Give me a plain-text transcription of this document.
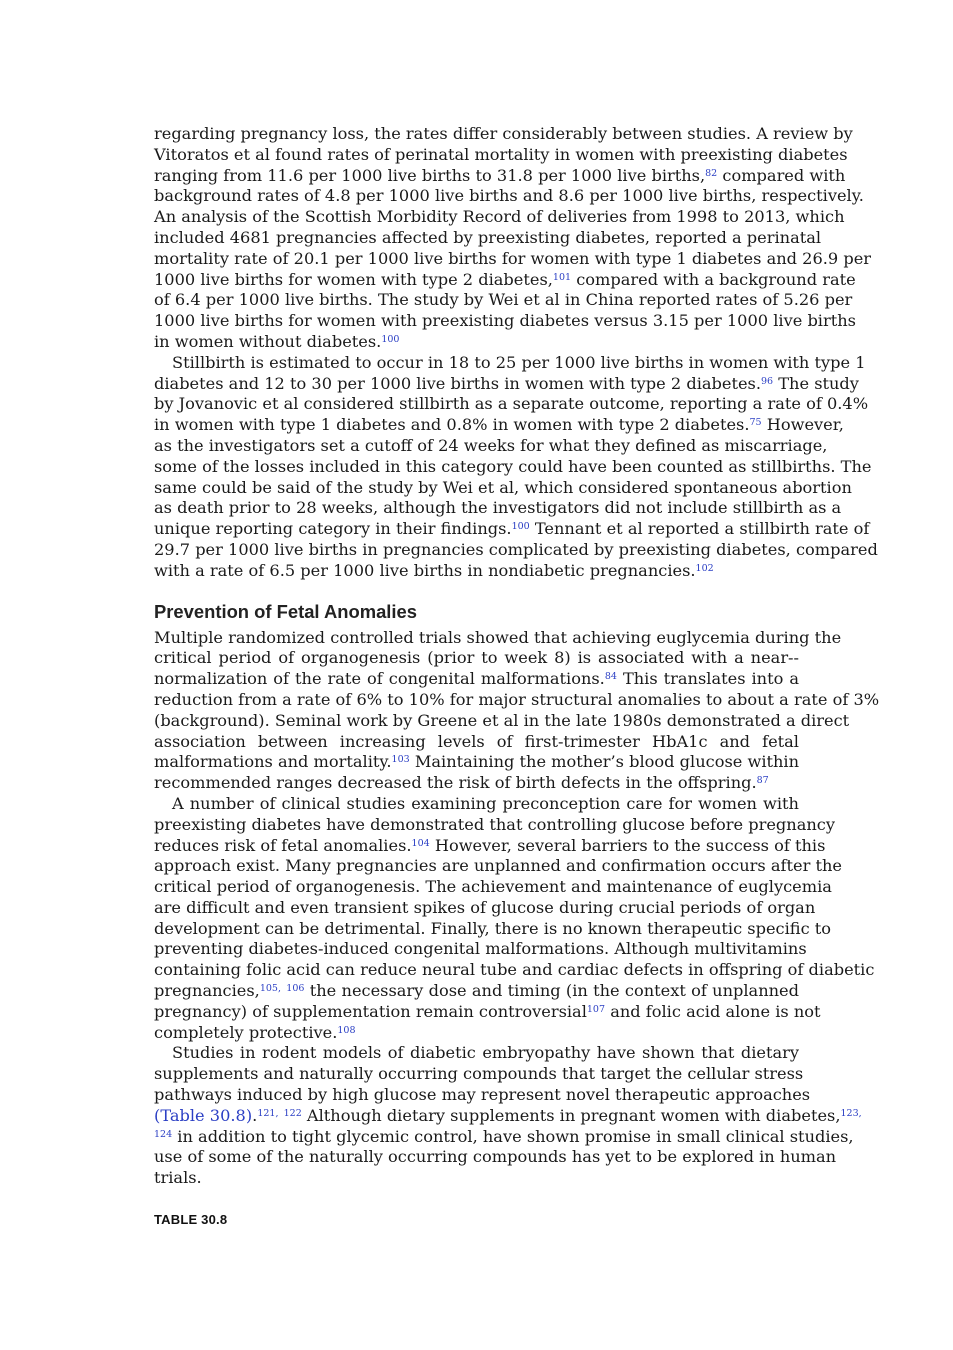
regarding pregnancy loss, the rates differ considerably between studies. A review by
Vitoratos et al found rates of perinatal mortality in women with preexisting diabetes
ranging from 11.6 per 1000 live births to 31.8 per 1000 live births,$^{82}$ compared with
background rates of 4.8 per 1000 live births and 8.6 per 1000 live births, respectively.
An analysis of the Scottish Morbidity Record of deliveries from 1998 to 2013, which
included 4681 pregnancies affected by preexisting diabetes, reported a perinatal
mortality rate of 20.1 per 1000 live births for women with type 1 diabetes and 26.9 per
1000 live births for women with type 2 diabetes,$^{101}$ compared with a background rate
of 6.4 per 1000 live births. The study by Wei et al in China reported rates of 5.26 per
1000 live births for women with preexisting diabetes versus 3.15 per 1000 live births
in women without diabetes.$^{100}$
Stillbirth is estimated to occur in 18 to 25 per 1000 live births in women with type 1
diabetes and 12 to 30 per 1000 live births in women with type 2 diabetes.$^{96}$ The study
by Jovanovic et al considered stillbirth as a separate outcome, reporting a rate of 0.4%
in women with type 1 diabetes and 0.8% in women with type 2 diabetes.$^{75}$ However,
as the investigators set a cutoff of 24 weeks for what they defined as miscarriage,
some of the losses included in this category could have been counted as stillbirths. The
same could be said of the study by Wei et al, which considered spontaneous abortion
as death prior to 28 weeks, although the investigators did not include stillbirth as a
unique reporting category in their findings.$^{100}$ Tennant et al reported a stillbirth rate of
29.7 per 1000 live births in pregnancies complicated by preexisting diabetes, compared
with a rate of 6.5 per 1000 live births in nondiabetic pregnancies.$^{102}$
Prevention of Fetal Anomalies
Multiple randomized controlled trials showed that achieving euglycemia during the
critical period of organogenesis (prior to week 8) is associated with a near--
normalization of the rate of congenital malformations.$^{84}$ This translates into a
reduction from a rate of 6% to 10% for major structural anomalies to about a rate of 3%
(background). Seminal work by Greene et al in the late 1980s demonstrated a direct
association between increasing levels of first-trimester HbA1c and fetal
malformations and mortality.$^{103}$ Maintaining the mother’s blood glucose within
recommended ranges decreased the risk of birth defects in the offspring.$^{87}$
A number of clinical studies examining preconception care for women with
preexisting diabetes have demonstrated that controlling glucose before pregnancy
reduces risk of fetal anomalies.$^{104}$ However, several barriers to the success of this
approach exist. Many pregnancies are unplanned and confirmation occurs after the
critical period of organogenesis. The achievement and maintenance of euglycemia
are difficult and even transient spikes of glucose during crucial periods of organ
development can be detrimental. Finally, there is no known therapeutic specific to
preventing diabetes-induced congenital malformations. Although multivitamins
containing folic acid can reduce neural tube and cardiac defects in offspring of diabetic
pregnancies,$^{105,}$ $^{106}$ the necessary dose and timing (in the context of unplanned
pregnancy) of supplementation remain controversial$^{107}$ and folic acid alone is not
completely protective.$^{108}$
Studies in rodent models of diabetic embryopathy have shown that dietary
supplements and naturally occurring compounds that target the cellular stress
pathways induced by high glucose may represent novel therapeutic approaches
(Table 30.8).$^{121,}$ $^{122}$ Although dietary supplements in pregnant women with diabetes,$^{123,}$
$^{124}$ in addition to tight glycemic control, have shown promise in small clinical studies,
use of some of the naturally occurring compounds has yet to be explored in human
trials.
TABLE 30.8
